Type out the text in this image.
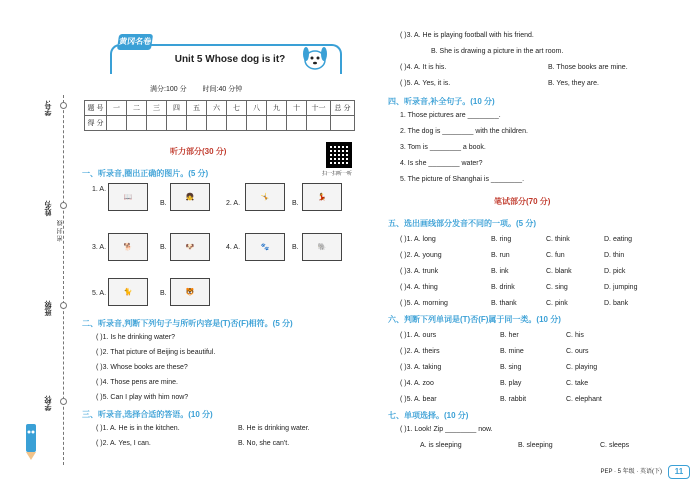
学号:
姓名:
班级:
学校:
密 封 线
黄冈名卷
Unit 5 Whose dog is it?
满分:100 分 时间:40 分钟
题 号	一	二	三	四	五	六	七	八	九	十	十一	总 分
得 分												
扫一扫听一听
听力部分(30 分)
一、听录音,圈出正确的图片。(5 分)
1. A.
📖
B.
👧
2. A.
🤸
B.
💃
3. A.	🐕	B.	🐶	4. A.	🐾	B.	🐘
5. A.	🐈	B.	🐯
二、听录音,判断下列句子与所听内容是(T)否(F)相符。(5 分)
( )1. Is he drinking water?
( )2. That picture of Beijing is beautiful.
( )3. Whose books are these?
( )4. Those pens are mine.
( )5. Can I play with him now?
三、听录音,选择合适的答语。(10 分)
( )1. A. He is in the kitchen.	B. He is drinking water.
( )2. A. Yes, I can.	B. No, she can't.
( )3. A. He is playing football with his friend.
B. She is drawing a picture in the art room.
( )4. A. It is his.	B. Those books are mine.
( )5. A. Yes, it is.	B. Yes, they are.
四、听录音,补全句子。(10 分)
1. Those pictures are ________.
2. The dog is ________ with the children.
3. Tom is ________ a book.
4. Is she ________ water?
5. The picture of Shanghai is ________.
笔试部分(70 分)
五、选出画线部分发音不同的一项。(5 分)
( )1. A. long	B. ring	C. think	D. eating
( )2. A. young	B. run	C. fun	D. thin
( )3. A. trunk	B. ink	C. blank	D. pick
( )4. A. thing	B. drink	C. sing	D. jumping
( )5. A. morning	B. thank	C. pink	D. bank
六、判断下列单词是(T)否(F)属于同一类。(10 分)
( )1. A. ours	B. her	C. his
( )2. A. theirs	B. mine	C. ours
( )3. A. taking	B. sing	C. playing
( )4. A. zoo	B. play	C. take
( )5. A. bear	B. rabbit	C. elephant
七、单项选择。(10 分)
( )1. Look! Zip ________ now.
A. is sleeping	B. sleeping	C. sleeps
PEP · 5 年级 · 英语(下)	11
